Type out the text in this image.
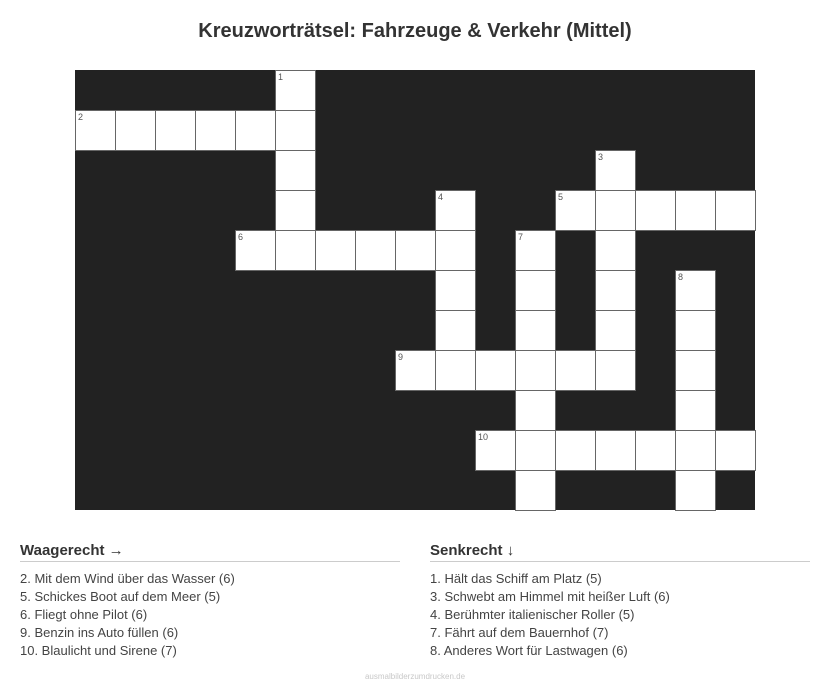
Kreuzworträtsel: Fahrzeuge & Verkehr (Mittel)
1
2
3
4	5
6	7
8
9
10
Waagerecht →
2. Mit dem Wind über das Wasser (6)
5. Schickes Boot auf dem Meer (5)
6. Fliegt ohne Pilot (6)
9. Benzin ins Auto füllen (6)
10. Blaulicht und Sirene (7)
Senkrecht ↓
1. Hält das Schiff am Platz (5)
3. Schwebt am Himmel mit heißer Luft (6)
4. Berühmter italienischer Roller (5)
7. Fährt auf dem Bauernhof (7)
8. Anderes Wort für Lastwagen (6)
ausmalbilderzumdrucken.de
